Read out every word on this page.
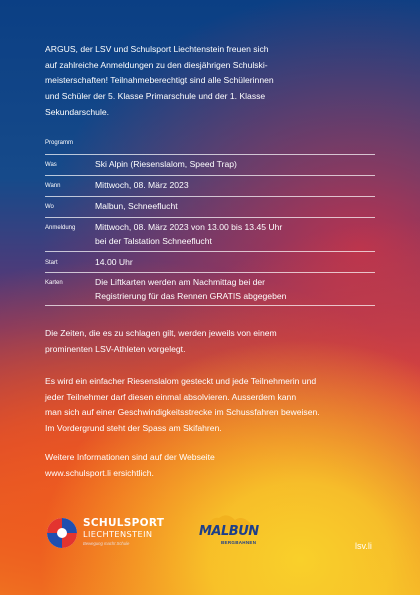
ARGUS, der LSV und Schulsport Liechtenstein freuen sich
auf zahlreiche Anmeldungen zu den diesjährigen Schulski-
meisterschaften! Teilnahmeberechtigt sind alle Schülerinnen
und Schüler der 5. Klasse Primarschule und der 1. Klasse
Sekundarschule.
Programm
Was	Ski Alpin (Riesenslalom, Speed Trap)
Wann	Mittwoch, 08. März 2023
Wo	Malbun, Schneeflucht
Anmeldung Mittwoch, 08. März 2023 von 13.00 bis 13.45 Uhr
bei der Talstation Schneeflucht
Start	14.00 Uhr
Karten	Die Liftkarten werden am Nachmittag bei der
Registrierung für das Rennen GRATIS abgegeben
Die Zeiten, die es zu schlagen gilt, werden jeweils von einem
prominenten LSV-Athleten vorgelegt.
Es wird ein einfacher Riesenslalom gesteckt und jede Teilnehmerin und
jeder Teilnehmer darf diesen einmal absolvieren. Ausserdem kann
man sich auf einer Geschwindigkeitsstrecke im Schussfahren beweisen.
Im Vordergrund steht der Spass am Skifahren.
Weitere Informationen sind auf der Webseite
www.schulsport.li ersichtlich.
SCHULSPORT
LIECHTENSTEIN
Bewegung macht Schule
MALBUN
BERGBAHNEN	lsv.li
